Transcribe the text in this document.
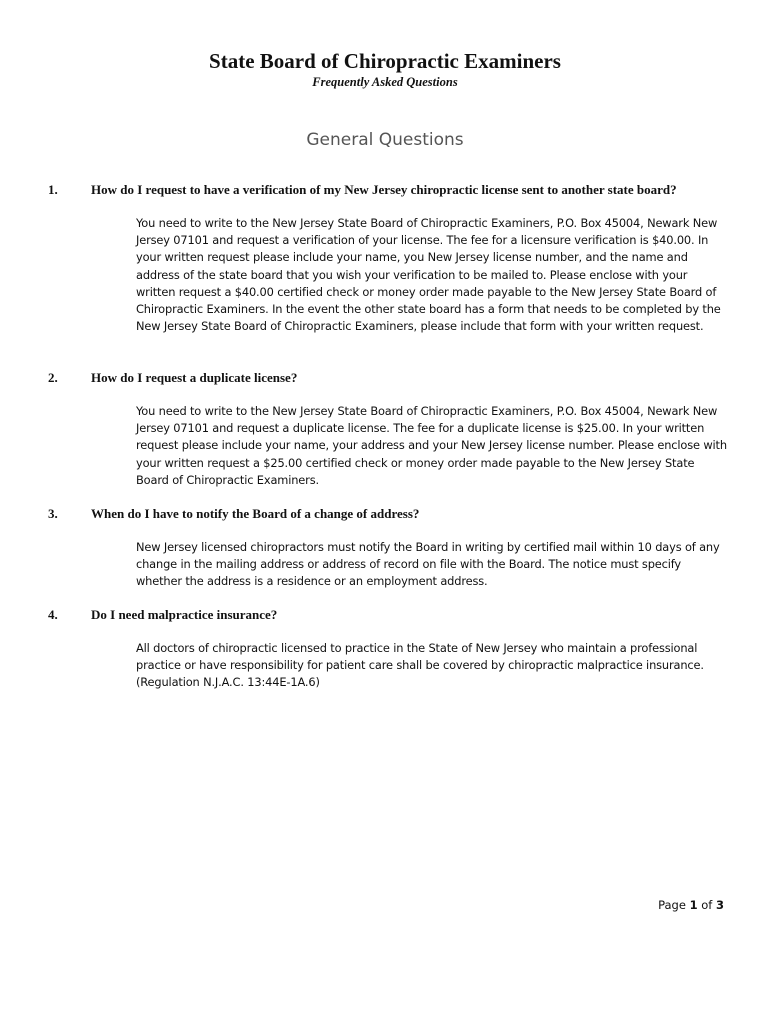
State Board of Chiropractic Examiners
Frequently Asked Questions
General Questions
1.	How do I request to have a verification of my New Jersey chiropractic license sent to another state board?
You need to write to the New Jersey State Board of Chiropractic Examiners, P.O. Box 45004, Newark New Jersey 07101 and request a verification of your license. The fee for a licensure verification is $40.00. In your written request please include your name, you New Jersey license number, and the name and address of the state board that you wish your verification to be mailed to. Please enclose with your written request a $40.00 certified check or money order made payable to the New Jersey State Board of Chiropractic Examiners. In the event the other state board has a form that needs to be completed by the New Jersey State Board of Chiropractic Examiners, please include that form with your written request.
2.	How do I request a duplicate license?
You need to write to the New Jersey State Board of Chiropractic Examiners, P.O. Box 45004, Newark New Jersey 07101 and request a duplicate license. The fee for a duplicate license is $25.00. In your written request please include your name, your address and your New Jersey license number. Please enclose with your written request a $25.00 certified check or money order made payable to the New Jersey State Board of Chiropractic Examiners.
3.	When do I have to notify the Board of a change of address?
New Jersey licensed chiropractors must notify the Board in writing by certified mail within 10 days of any change in the mailing address or address of record on file with the Board. The notice must specify whether the address is a residence or an employment address.
4.	Do I need malpractice insurance?
All doctors of chiropractic licensed to practice in the State of New Jersey who maintain a professional practice or have responsibility for patient care shall be covered by chiropractic malpractice insurance. (Regulation N.J.A.C. 13:44E-1A.6)
Page 1 of 3
